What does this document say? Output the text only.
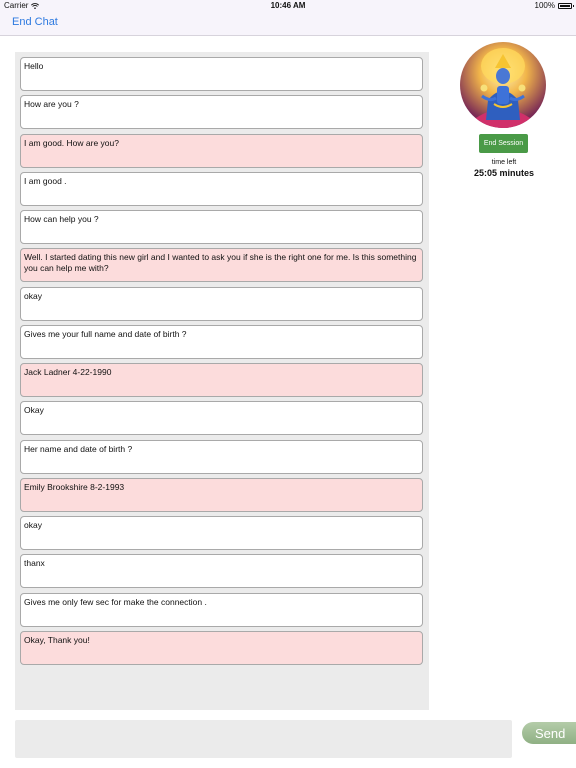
Carrier	10:46 AM	100%
End Chat
Hello
How are you ?
I am good. How are you?
I am good .
How can help you ?
Well. I started dating this new girl and I wanted to ask you if she is the right one for me. Is this something you can help me with?
okay
Gives me your full name and date of birth ?
Jack Ladner 4-22-1990
Okay
Her name and date of birth ?
Emily Brookshire 8-2-1993
okay
thanx
Gives me only few sec for make the connection .
Okay, Thank you!
End Session
time left
25:05 minutes
Send
